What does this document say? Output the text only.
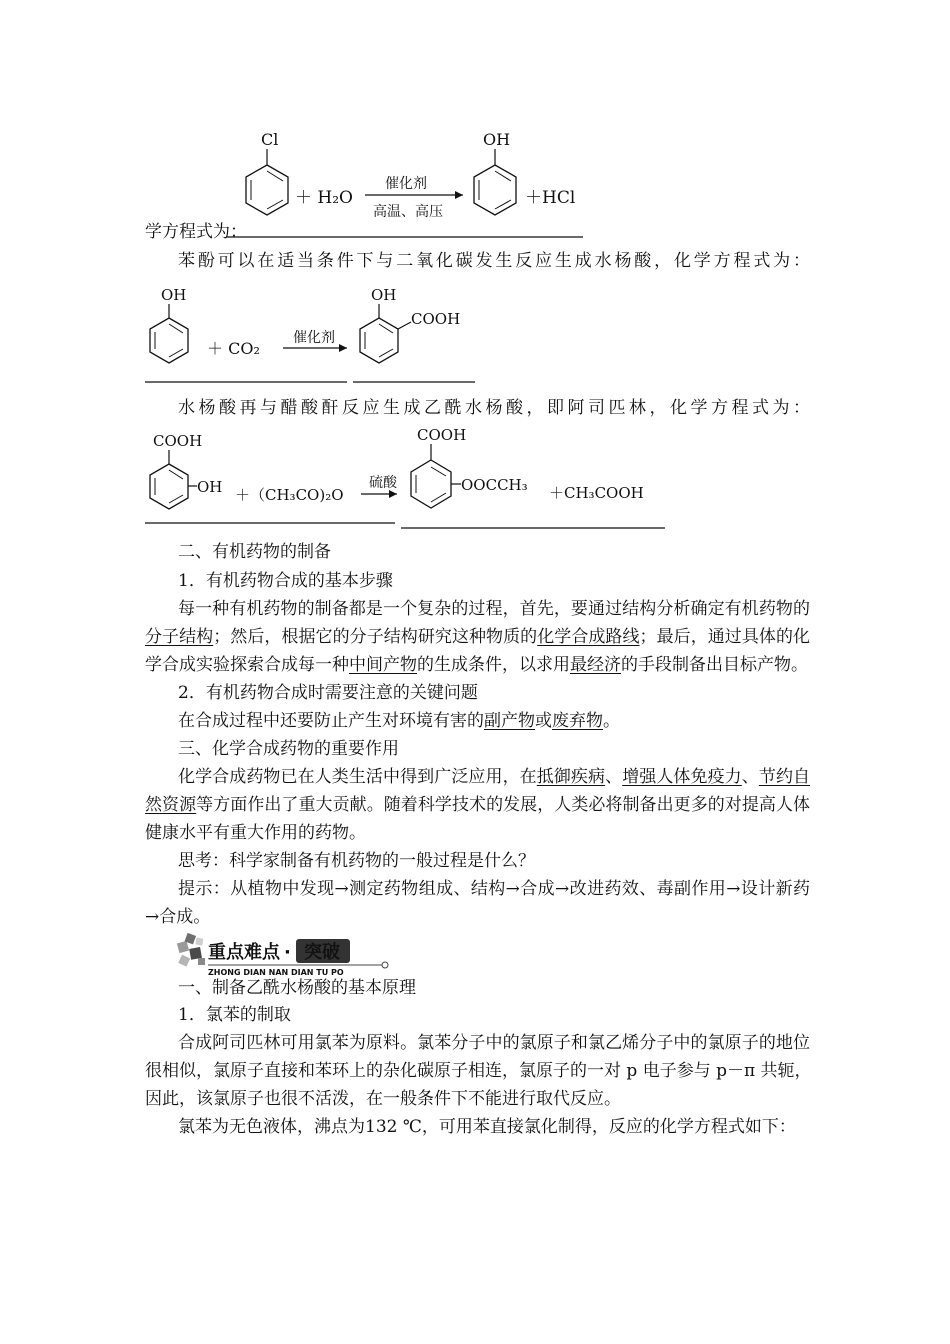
学方程式为：
Cl
＋ H₂O
催化剂
高温、高压
OH
＋HCl
苯酚可以在适当条件下与二氧化碳发生反应生成水杨酸，化学方程式为：
OH
＋ CO₂
催化剂
OH
COOH
水杨酸再与醋酸酐反应生成乙酰水杨酸，即阿司匹林，化学方程式为：
COOH
OH ＋（CH₃CO)₂O
硫酸
COOH
OOCCH₃ ＋CH₃COOH
二、有机药物的制备
1．有机药物合成的基本步骤
每一种有机药物的制备都是一个复杂的过程，首先，要通过结构分析确定有机药物的
分子结构；然后，根据它的分子结构研究这种物质的化学合成路线；最后，通过具体的化
学合成实验探索合成每一种中间产物的生成条件，以求用最经济的手段制备出目标产物。
2．有机药物合成时需要注意的关键问题
在合成过程中还要防止产生对环境有害的副产物或废弃物。
三、化学合成药物的重要作用
化学合成药物已在人类生活中得到广泛应用，在抵御疾病、增强人体免疫力、节约自
然资源等方面作出了重大贡献。随着科学技术的发展，人类必将制备出更多的对提高人体
健康水平有重大作用的药物。
思考：科学家制备有机药物的一般过程是什么？
提示：从植物中发现→测定药物组成、结构→合成→改进药效、毒副作用→设计新药
→合成。
重点难点 · 突破
ZHONG DIAN NAN DIAN TU PO
一、制备乙酰水杨酸的基本原理
1．氯苯的制取
合成阿司匹林可用氯苯为原料。氯苯分子中的氯原子和氯乙烯分子中的氯原子的地位
很相似，氯原子直接和苯环上的杂化碳原子相连，氯原子的一对 p 电子参与 p－π 共轭，
因此，该氯原子也很不活泼，在一般条件下不能进行取代反应。
氯苯为无色液体，沸点为132 ℃，可用苯直接氯化制得，反应的化学方程式如下：
